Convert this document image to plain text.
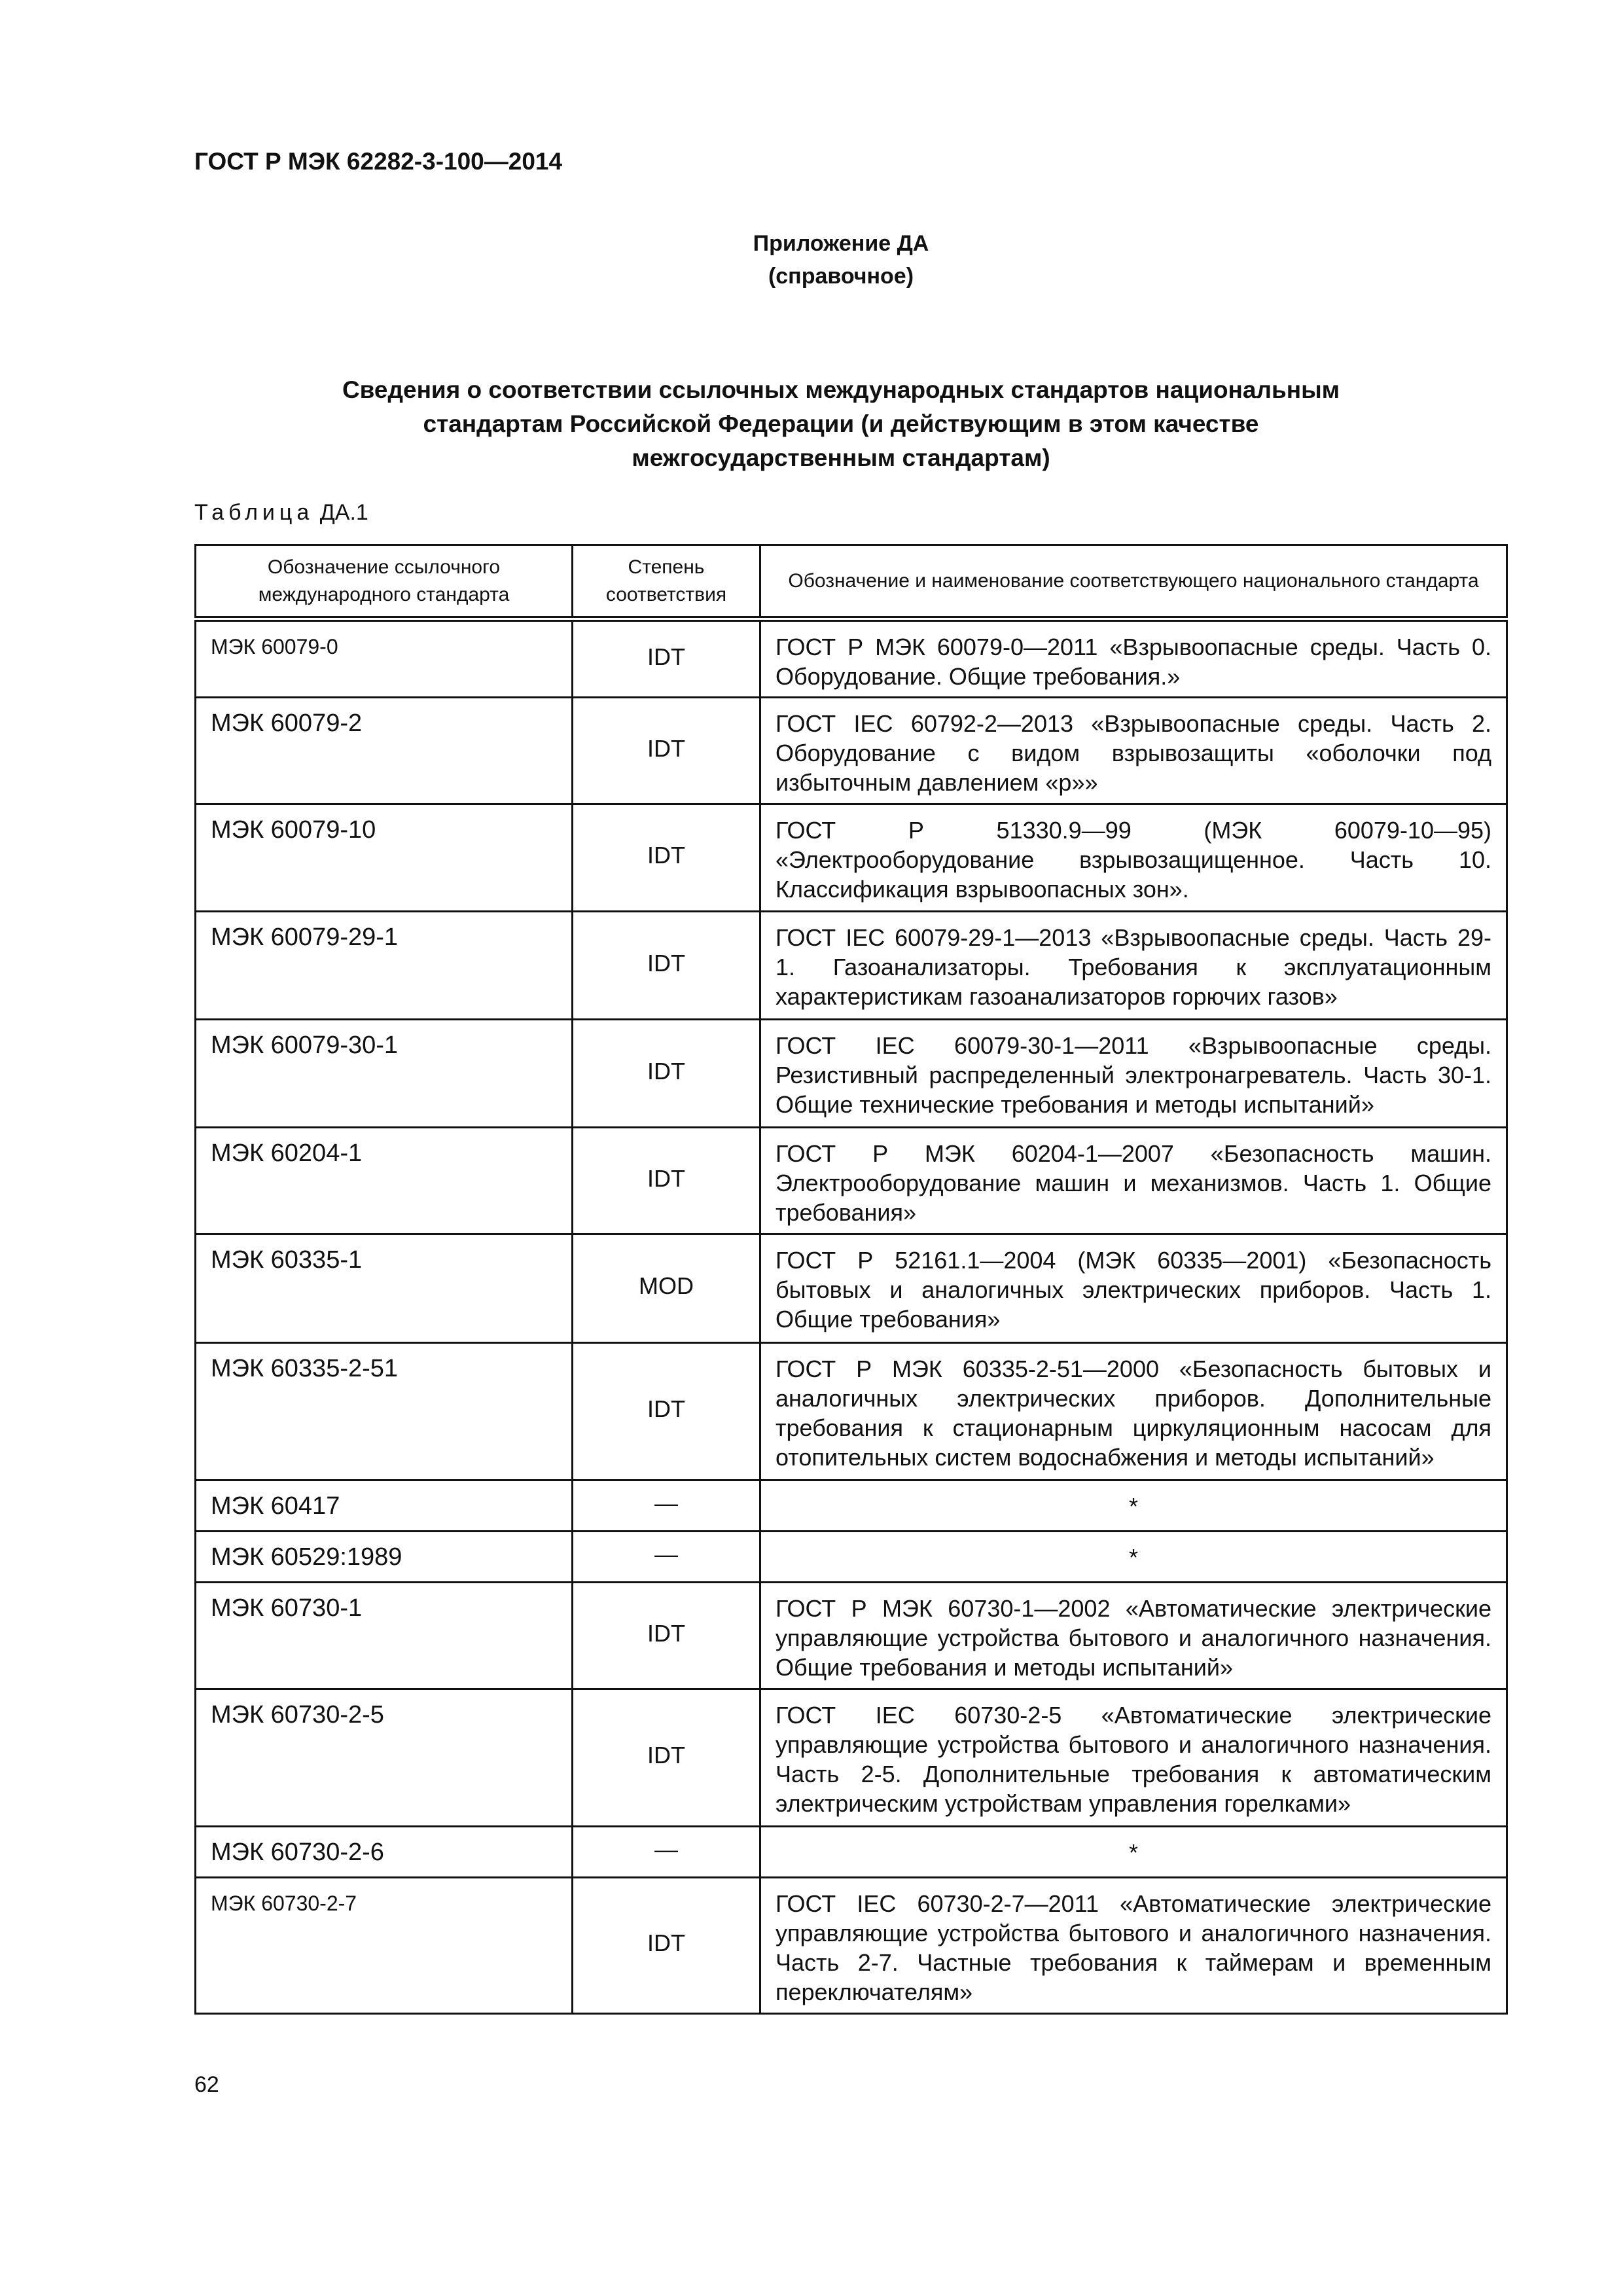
ГОСТ Р МЭК 62282-3-100—2014
Приложение ДА
(справочное)
Сведения о соответствии ссылочных международных стандартов национальным
стандартам Российской Федерации (и действующим в этом качестве
межгосударственным стандартам)
Таблица ДА.1
Обозначение ссылочного международного стандарта	Степень соответствия	Обозначение и наименование соответствующего национального стандарта
МЭК 60079-0	IDT	ГОСТ Р МЭК 60079-0—2011 «Взрывоопасные среды. Часть 0. Оборудование. Общие требования.»
МЭК 60079-2	IDT	ГОСТ IEC 60792-2—2013 «Взрывоопасные среды. Часть 2. Оборудование с видом взрывозащиты «оболочки под избыточным давлением «p»»
МЭК 60079-10	IDT	ГОСТ Р 51330.9—99 (МЭК 60079-10—95) «Электрооборудование взрывозащищенное. Часть 10. Классификация взрывоопасных зон».
МЭК 60079-29-1	IDT	ГОСТ IEC 60079-29-1—2013 «Взрывоопасные среды. Часть 29-1. Газоанализаторы. Требования к эксплуатационным характеристикам газоанализаторов горючих газов»
МЭК 60079-30-1	IDT	ГОСТ IEC 60079-30-1—2011 «Взрывоопасные среды. Резистивный распределенный электронагреватель. Часть 30-1. Общие технические требования и методы испытаний»
МЭК 60204-1	IDT	ГОСТ Р МЭК 60204-1—2007 «Безопасность машин. Электрооборудование машин и механизмов. Часть 1. Общие требования»
МЭК 60335-1	MOD	ГОСТ Р 52161.1—2004 (МЭК 60335—2001) «Безопасность бытовых и аналогичных электрических приборов. Часть 1. Общие требования»
МЭК 60335-2-51	IDT	ГОСТ Р МЭК 60335-2-51—2000 «Безопасность бытовых и аналогичных электрических приборов. Дополнительные требования к стационарным циркуляционным насосам для отопительных систем водоснабжения и методы испытаний»
МЭК 60417	—	*
МЭК 60529:1989	—	*
МЭК 60730-1	IDT	ГОСТ Р МЭК 60730-1—2002 «Автоматические электрические управляющие устройства бытового и аналогичного назначения. Общие требования и методы испытаний»
МЭК 60730-2-5	IDT	ГОСТ IEC 60730-2-5 «Автоматические электрические управляющие устройства бытового и аналогичного назначения. Часть 2-5. Дополнительные требования к автоматическим электрическим устройствам управления горелками»
МЭК 60730-2-6	—	*
МЭК 60730-2-7	IDT	ГОСТ IEC 60730-2-7—2011 «Автоматические электрические управляющие устройства бытового и аналогичного назначения. Часть 2-7. Частные требования к таймерам и временным переключателям»
62
